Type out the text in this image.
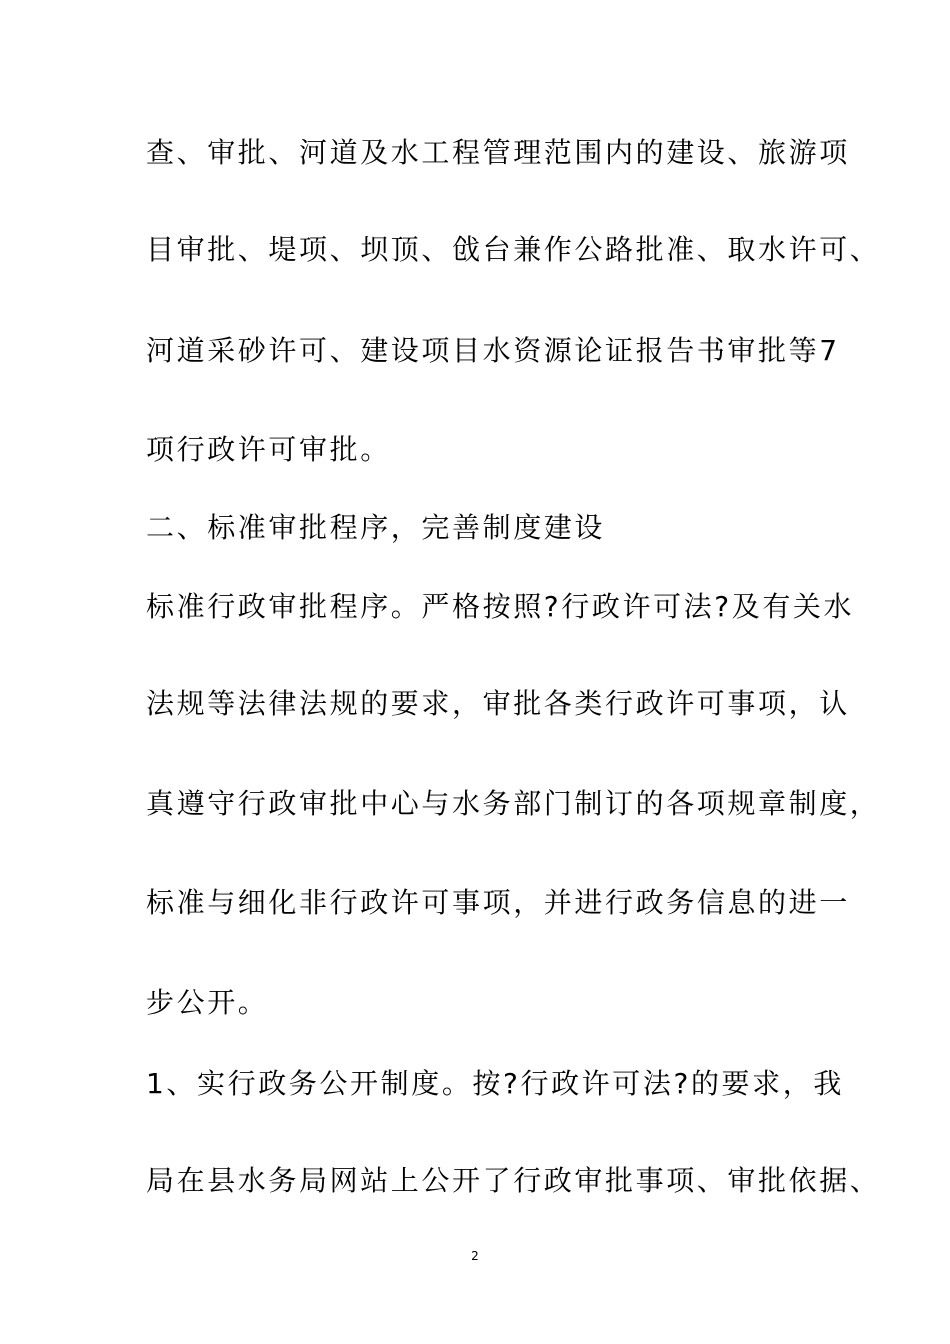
查、审批、河道及水工程管理范围内的建设、旅游项
目审批、堤项、坝顶、戗台兼作公路批准、取水许可、
河道采砂许可、建设项目水资源论证报告书审批等7
项行政许可审批。
二、标准审批程序，完善制度建设
标准行政审批程序。严格按照?行政许可法?及有关水
法规等法律法规的要求，审批各类行政许可事项，认
真遵守行政审批中心与水务部门制订的各项规章制度，
标准与细化非行政许可事项，并进行政务信息的进一
步公开。
1、实行政务公开制度。按?行政许可法?的要求，我
局在县水务局网站上公开了行政审批事项、审批依据、
2
